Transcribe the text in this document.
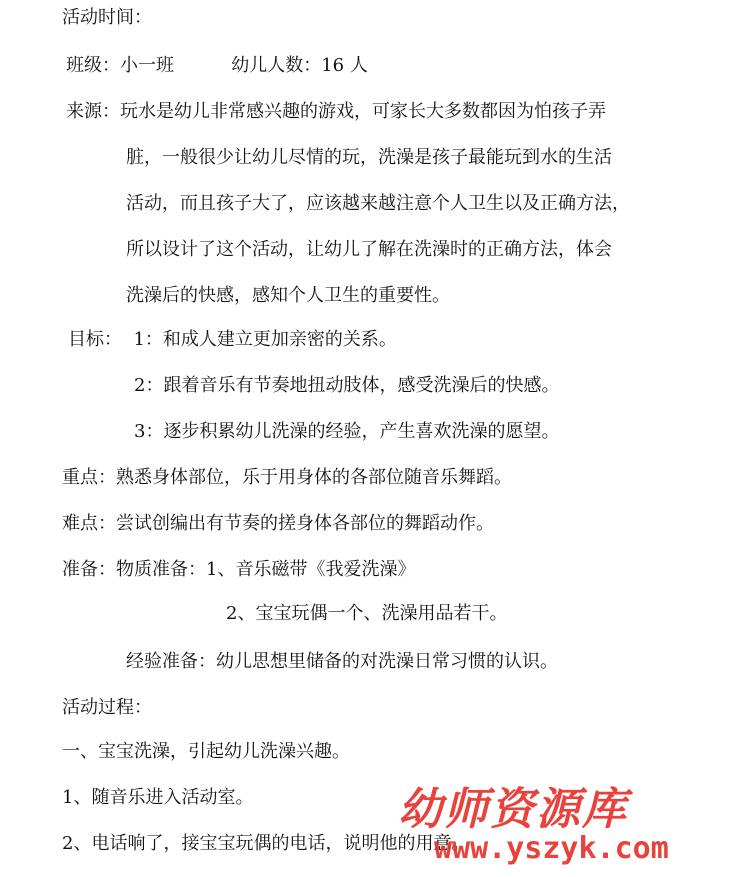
活动时间：
班级：小一班          幼儿人数：16 人
来源：玩水是幼儿非常感兴趣的游戏，可家长大多数都因为怕孩子弄
脏，一般很少让幼儿尽情的玩，洗澡是孩子最能玩到水的生活
活动，而且孩子大了，应该越来越注意个人卫生以及正确方法，
所以设计了这个活动，让幼儿了解在洗澡时的正确方法，体会
洗澡后的快感，感知个人卫生的重要性。
目标：  1：和成人建立更加亲密的关系。
2：跟着音乐有节奏地扭动肢体，感受洗澡后的快感。
3：逐步积累幼儿洗澡的经验，产生喜欢洗澡的愿望。
重点：熟悉身体部位，乐于用身体的各部位随音乐舞蹈。
难点：尝试创编出有节奏的搓身体各部位的舞蹈动作。
准备：物质准备：1、音乐磁带《我爱洗澡》
2、宝宝玩偶一个、洗澡用品若干。
经验准备：幼儿思想里储备的对洗澡日常习惯的认识。
活动过程：
一、宝宝洗澡，引起幼儿洗澡兴趣。
1、随音乐进入活动室。
2、电话响了，接宝宝玩偶的电话，说明他的用意。
幼师资源库
www.yszyk.com
